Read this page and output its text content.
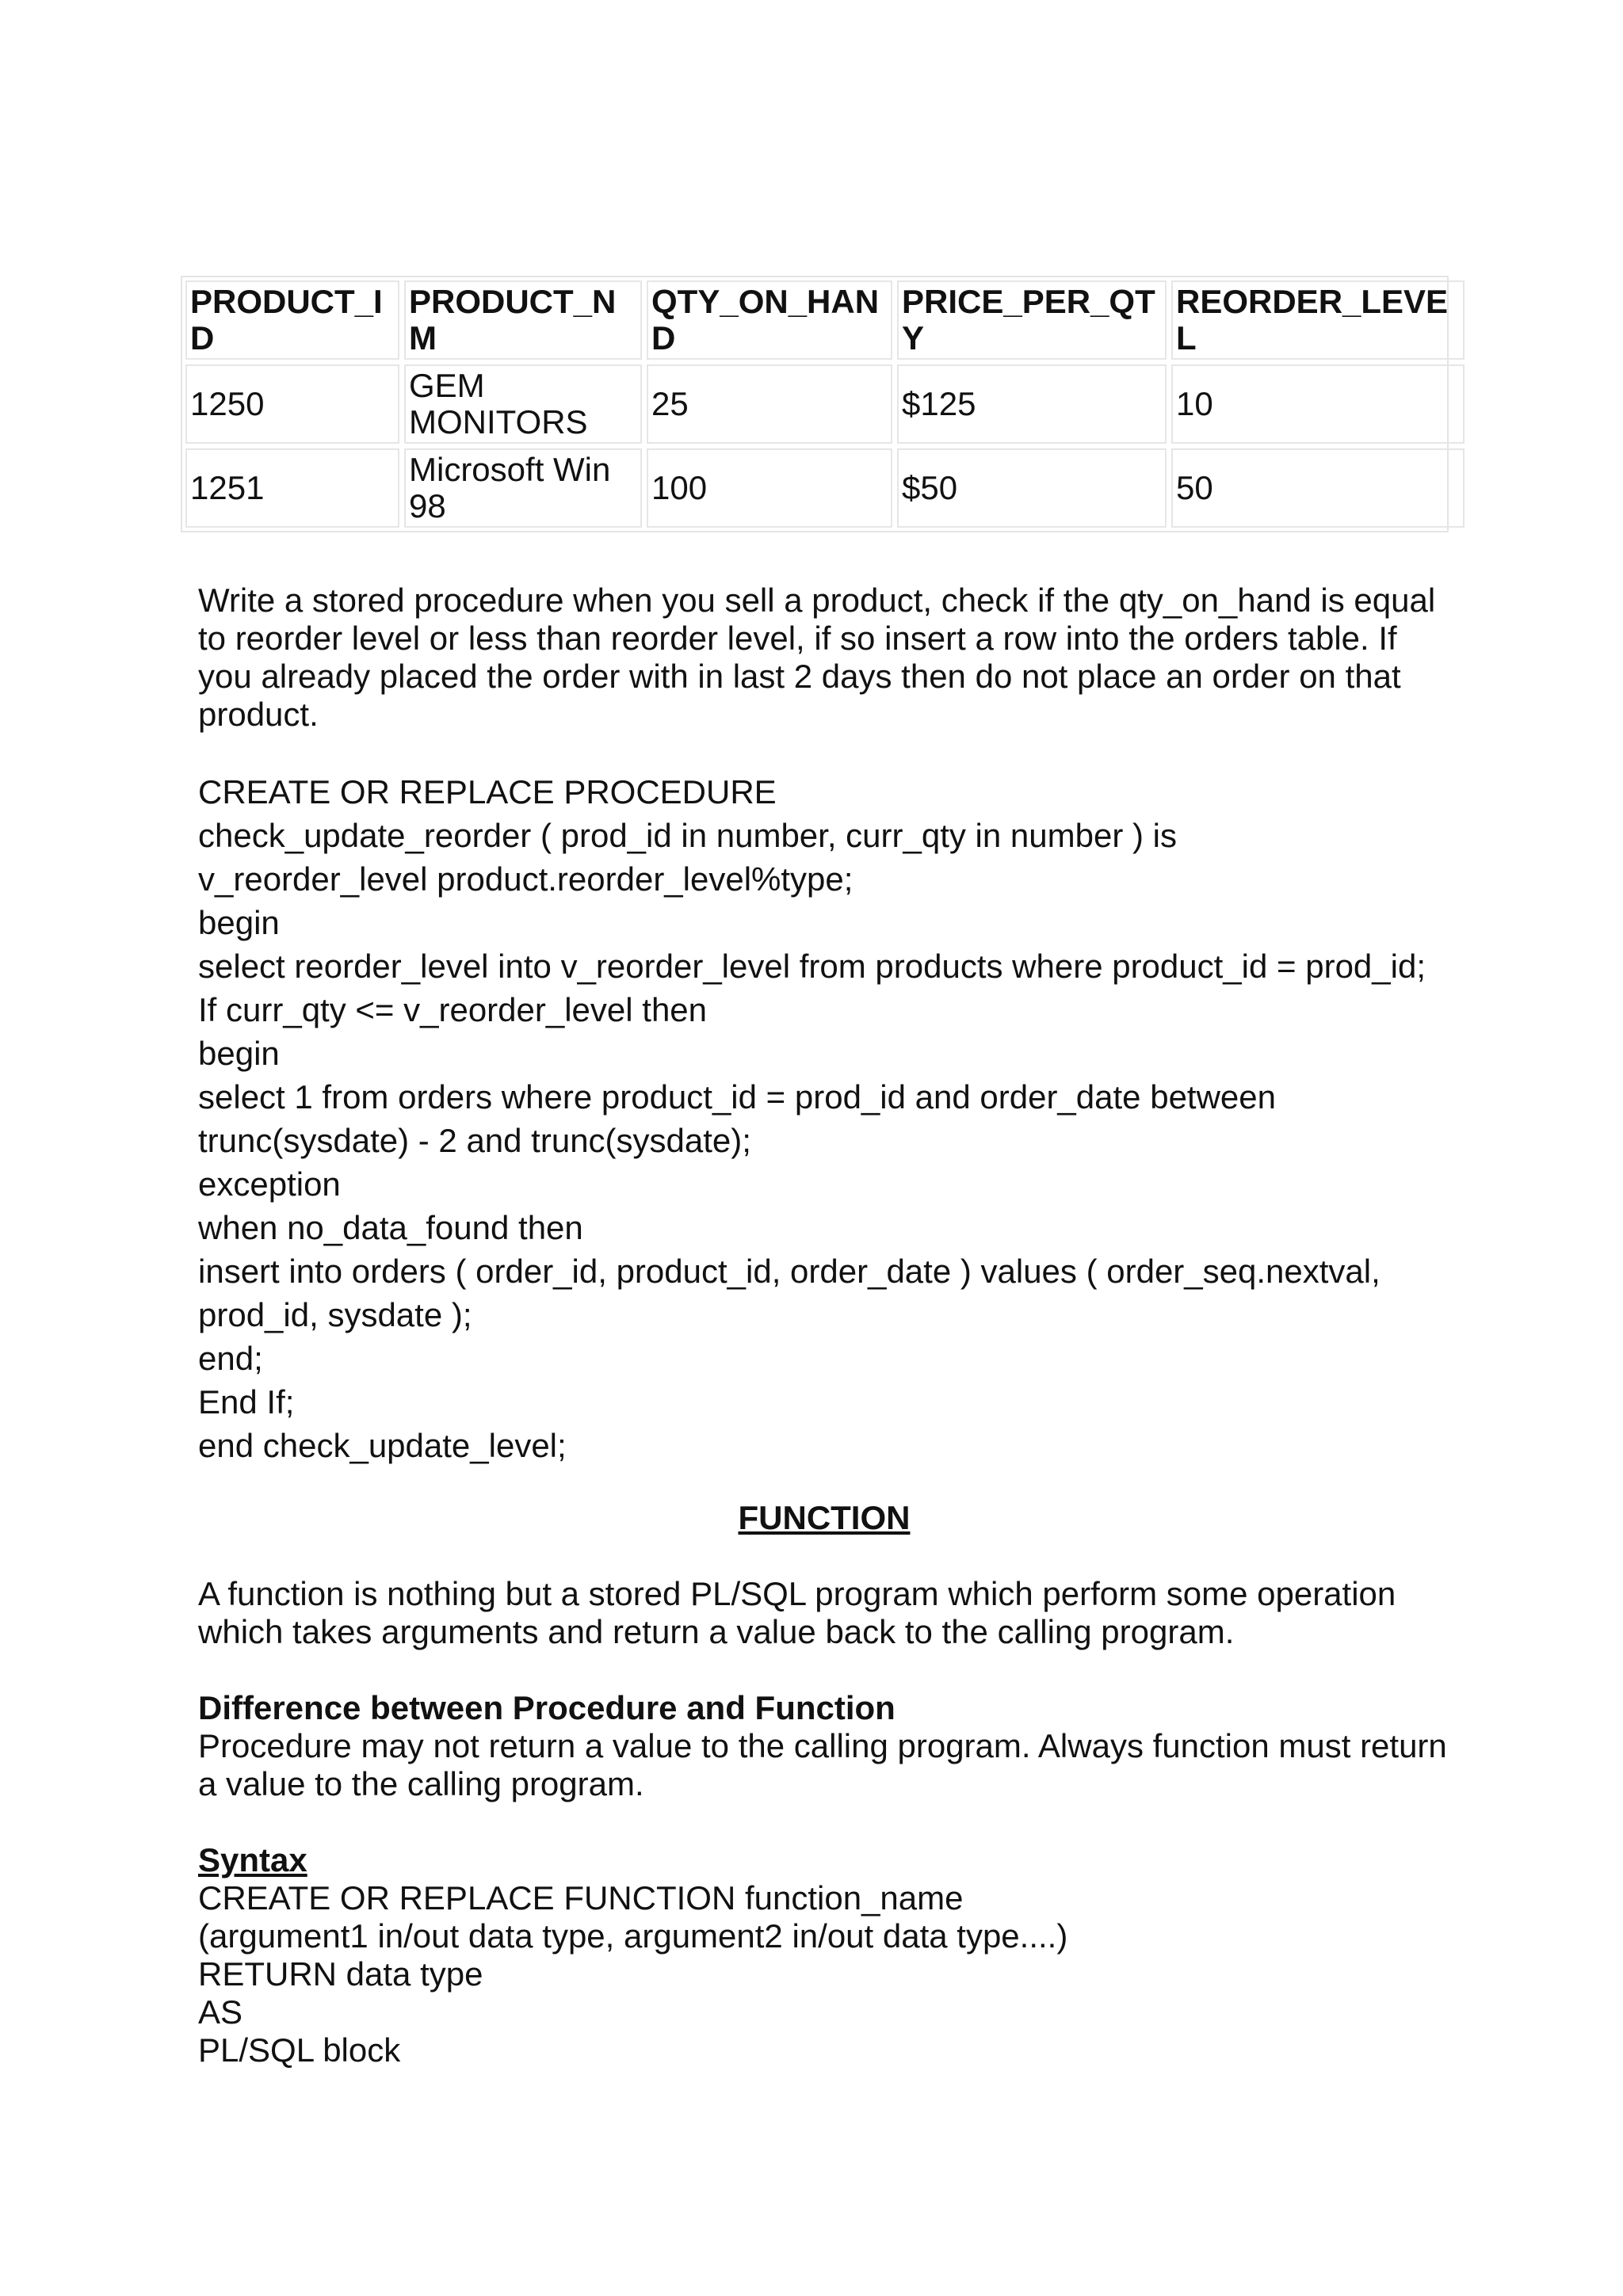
PRODUCT_ID	PRODUCT_NM	QTY_ON_HAND	PRICE_PER_QTY	REORDER_LEVEL
1250	GEM MONITORS	25	$125	10
1251	Microsoft Win 98	100	$50	50

Write a stored procedure when you sell a product, check if the qty_on_hand is equal to reorder level or less than reorder level, if so insert a row into the orders table. If you already placed the order with in last 2 days then do not place an order on that product.

CREATE OR REPLACE PROCEDURE
check_update_reorder ( prod_id in number, curr_qty in number ) is
v_reorder_level product.reorder_level%type;
begin
select reorder_level into v_reorder_level from products where product_id = prod_id;
If curr_qty <= v_reorder_level then
begin
select 1 from orders where product_id = prod_id and order_date between
trunc(sysdate) - 2 and trunc(sysdate);
exception
when no_data_found then
insert into orders ( order_id, product_id, order_date ) values ( order_seq.nextval,
prod_id, sysdate );
end;
End If;
end check_update_level;
FUNCTION

A function is nothing but a stored PL/SQL program which perform some operation which takes arguments and return a value back to the calling program.

Difference between Procedure and Function

Procedure may not return a value to the calling program. Always function must return a value to the calling program.

Syntax
CREATE OR REPLACE FUNCTION function_name
(argument1 in/out data type, argument2 in/out data type....)
RETURN data type
AS
PL/SQL block
